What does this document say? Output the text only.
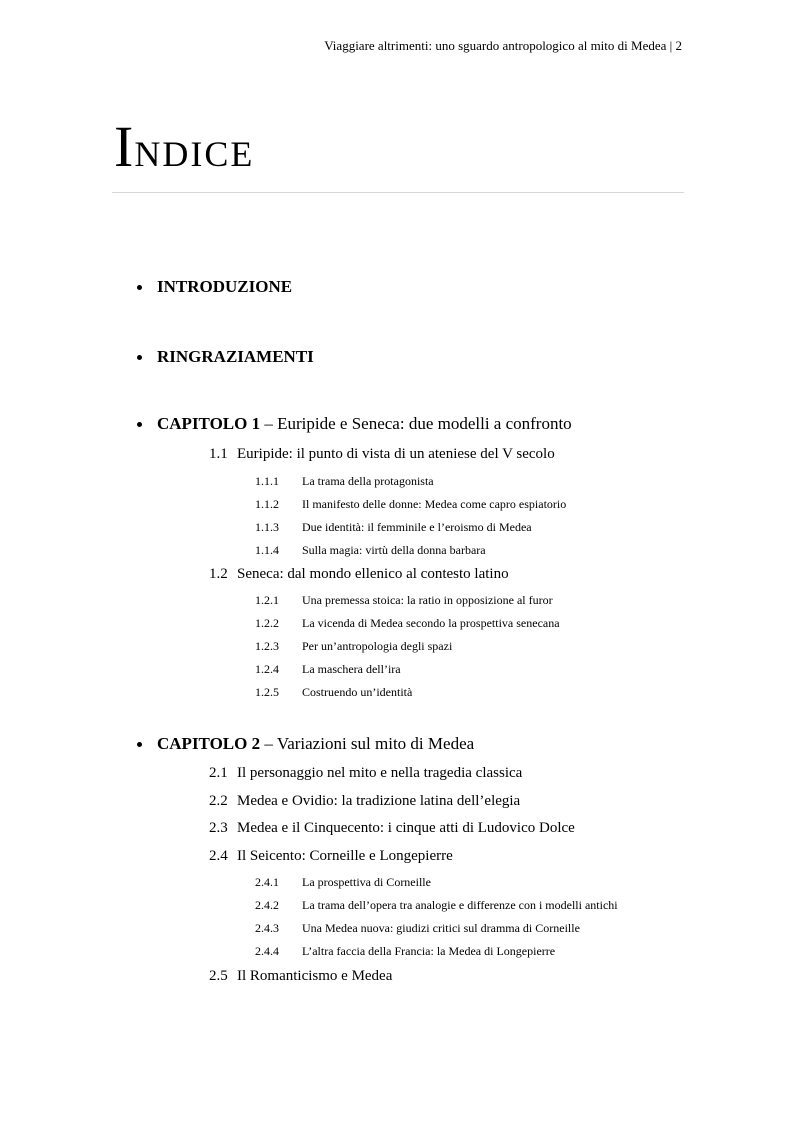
Viaggiare altrimenti: uno sguardo antropologico al mito di Medea | 2
INDICE
INTRODUZIONE
RINGRAZIAMENTI
CAPITOLO 1 – Euripide e Seneca: due modelli a confronto
1.1 Euripide: il punto di vista di un ateniese del V secolo
1.1.1 La trama della protagonista
1.1.2 Il manifesto delle donne: Medea come capro espiatorio
1.1.3 Due identità: il femminile e l’eroismo di Medea
1.1.4 Sulla magia: virtù della donna barbara
1.2 Seneca: dal mondo ellenico al contesto latino
1.2.1 Una premessa stoica: la ratio in opposizione al furor
1.2.2 La vicenda di Medea secondo la prospettiva senecana
1.2.3 Per un’antropologia degli spazi
1.2.4 La maschera dell’ira
1.2.5 Costruendo un’identità
CAPITOLO 2 – Variazioni sul mito di Medea
2.1 Il personaggio nel mito e nella tragedia classica
2.2 Medea e Ovidio: la tradizione latina dell’elegia
2.3 Medea e il Cinquecento: i cinque atti di Ludovico Dolce
2.4 Il Seicento: Corneille e Longepierre
2.4.1 La prospettiva di Corneille
2.4.2 La trama dell’opera tra analogie e differenze con i modelli antichi
2.4.3 Una Medea nuova: giudizi critici sul dramma di Corneille
2.4.4 L’altra faccia della Francia: la Medea di Longepierre
2.5 Il Romanticismo e Medea
